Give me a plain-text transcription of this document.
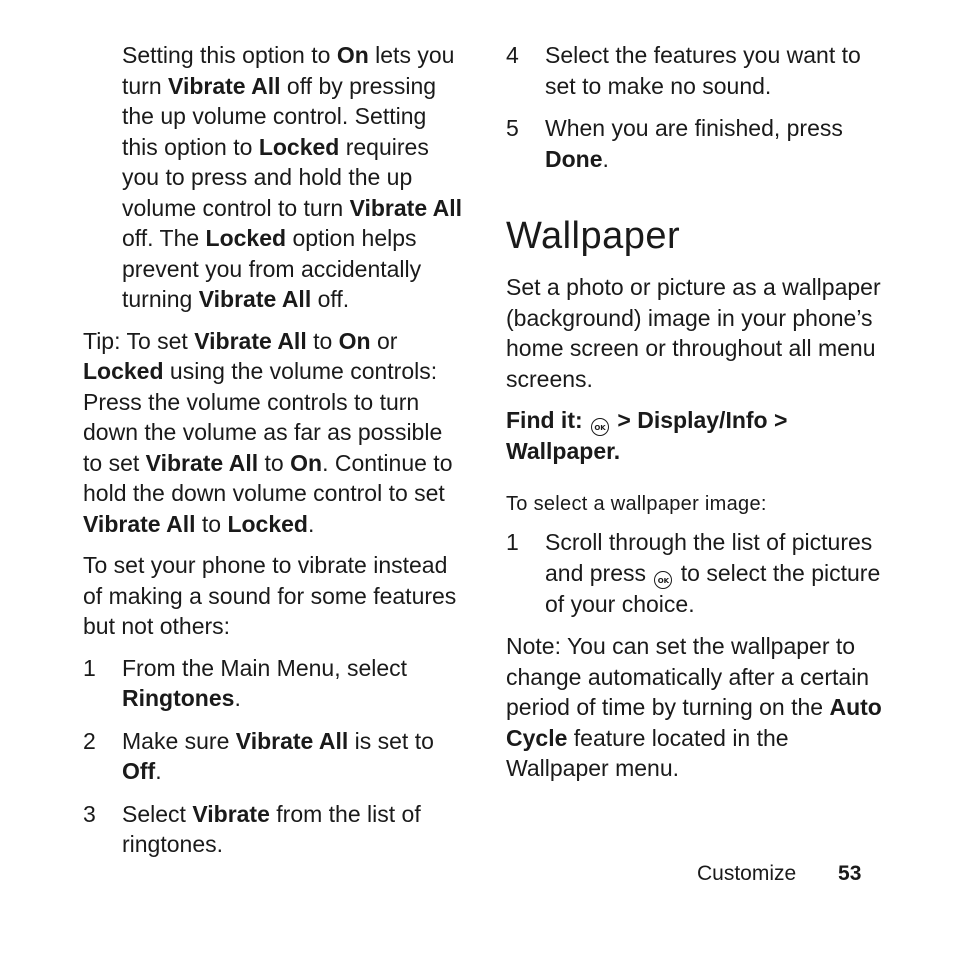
Setting this option to On lets you turn Vibrate All off by pressing the up volume control. Setting this option to Locked requires you to press and hold the up volume control to turn Vibrate All off. The Locked option helps prevent you from accidentally turning Vibrate All off.

Tip: To set Vibrate All to On or Locked using the volume controls: Press the volume controls to turn down the volume as far as possible to set Vibrate All to On. Continue to hold the down volume control to set Vibrate All to Locked.

To set your phone to vibrate instead of making a sound for some features but not others:

1	From the Main Menu, select Ringtones.
2	Make sure Vibrate All is set to Off.
3	Select Vibrate from the list of ringtones.
4	Select the features you want to set to make no sound.
5	When you are finished, press Done.
Wallpaper

Set a photo or picture as a wallpaper (background) image in your phone’s home screen or throughout all menu screens.

Find it: OK > Display/Info > Wallpaper.

To select a wallpaper image:
1	Scroll through the list of pictures and press OK to select the picture of your choice.

Note: You can set the wallpaper to change automatically after a certain period of time by turning on the Auto Cycle feature located in the Wallpaper menu.

Customize 53
